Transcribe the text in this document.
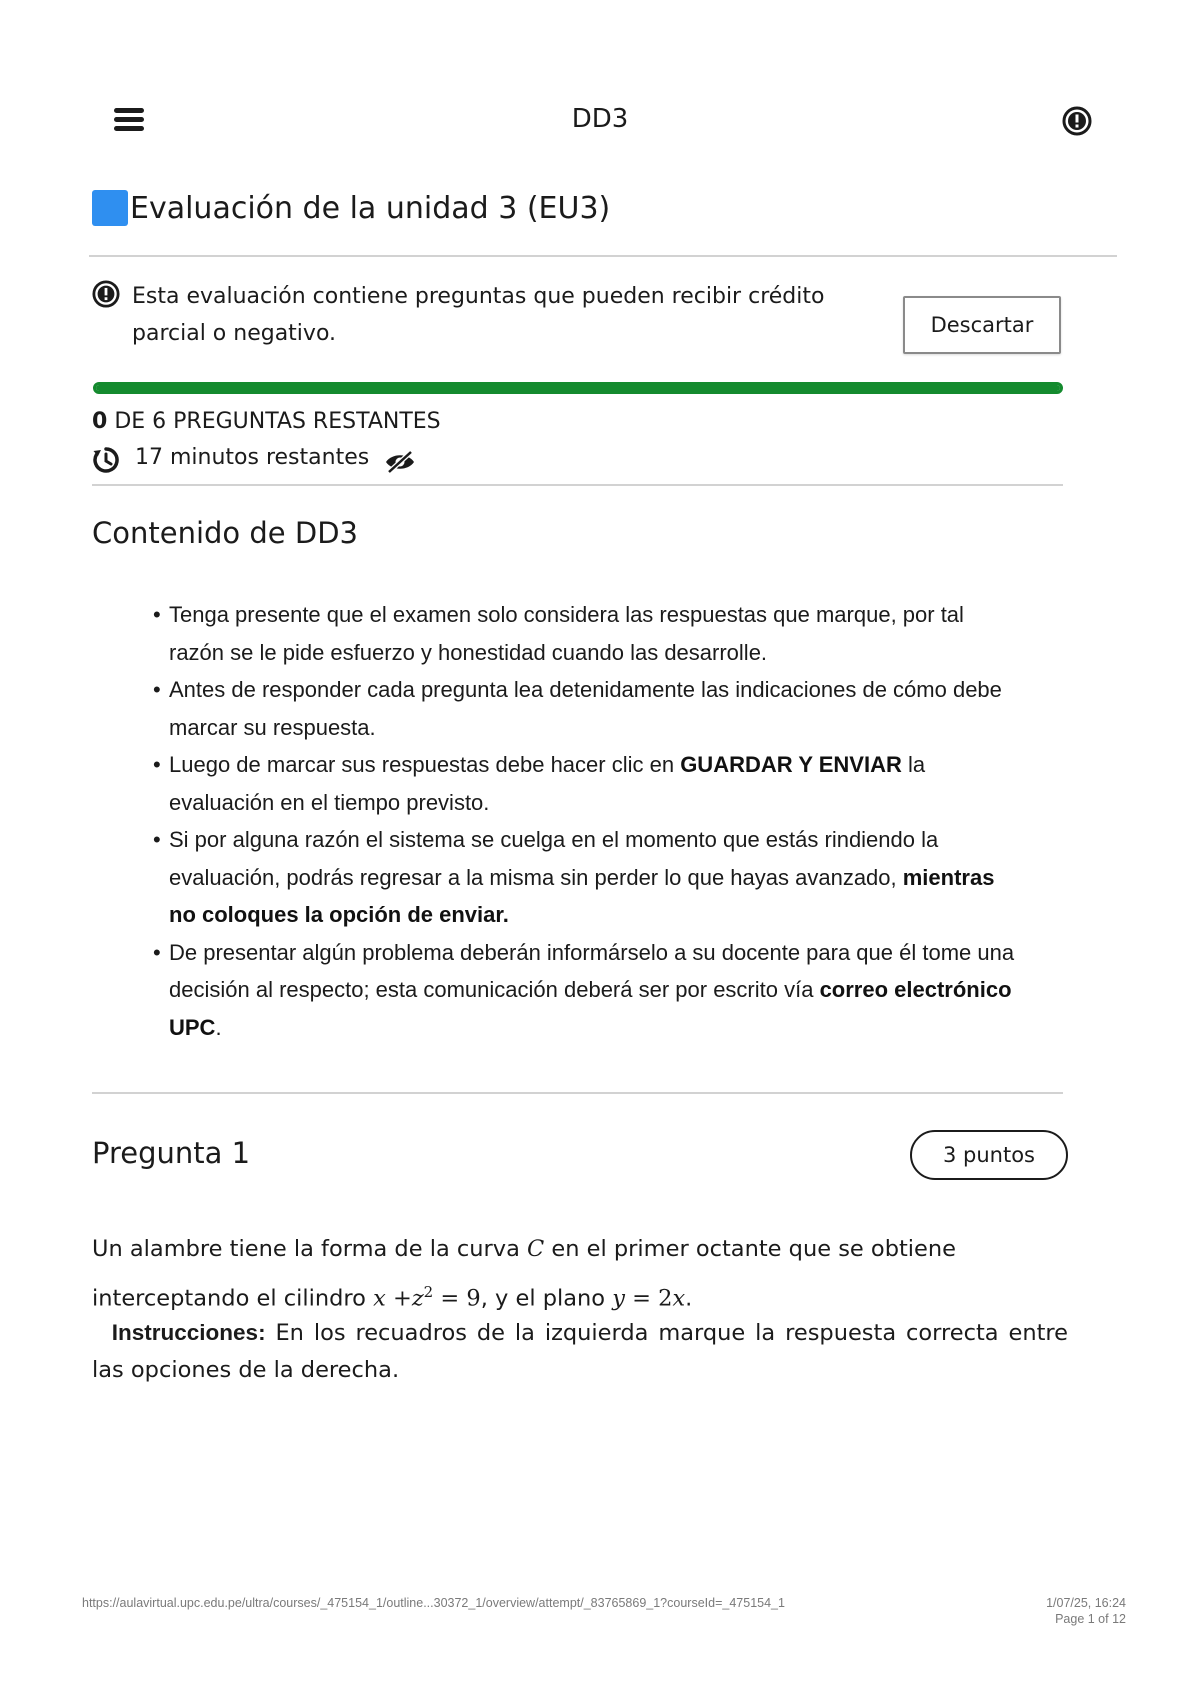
DD3
Evaluación de la unidad 3 (EU3)
Esta evaluación contiene preguntas que pueden recibir crédito parcial o negativo.	Descartar
0 DE 6 PREGUNTAS RESTANTES
17 minutos restantes
Contenido de DD3
• Tenga presente que el examen solo considera las respuestas que marque, por tal razón se le pide esfuerzo y honestidad cuando las desarrolle.
• Antes de responder cada pregunta lea detenidamente las indicaciones de cómo debe marcar su respuesta.
• Luego de marcar sus respuestas debe hacer clic en GUARDAR Y ENVIAR la evaluación en el tiempo previsto.
• Si por alguna razón el sistema se cuelga en el momento que estás rindiendo la evaluación, podrás regresar a la misma sin perder lo que hayas avanzado, mientras no coloques la opción de enviar.
• De presentar algún problema deberán informárselo a su docente para que él tome una decisión al respecto; esta comunicación deberá ser por escrito vía correo electrónico UPC.
Pregunta 1	3 puntos
Un alambre tiene la forma de la curva C en el primer octante que se obtiene interceptando el cilindro $x +z^2 = 9$, y el plano y = 2x.
Instrucciones: En los recuadros de la izquierda marque la respuesta correcta entre las opciones de la derecha.
https://aulavirtual.upc.edu.pe/ultra/courses/_475154_1/outline...30372_1/overview/attempt/_83765869_1?courseId=_475154_1	1/07/25, 16:24
Page 1 of 12
